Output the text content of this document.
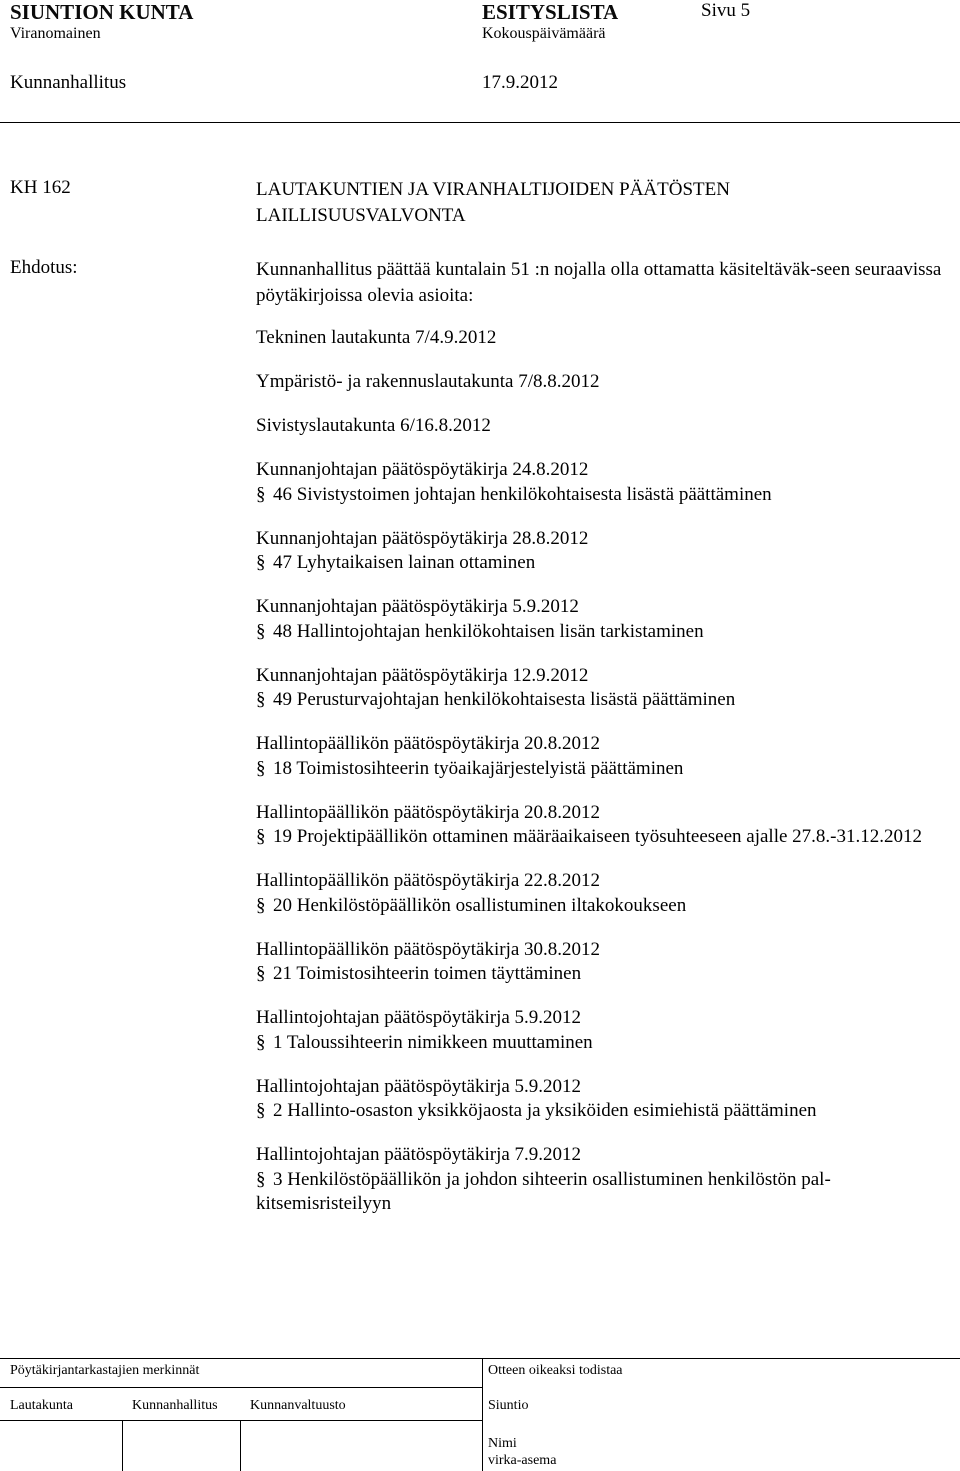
SIUNTION KUNTA	ESITYSLISTA	Sivu 5
Viranomainen	Kokouspäivämäärä
Kunnanhallitus	17.9.2012
KH 162	LAUTAKUNTIEN JA VIRANHALTIJOIDEN PÄÄTÖSTEN LAILLISUUSVALVONTA
Ehdotus:	Kunnanhallitus päättää kuntalain 51 :n nojalla olla ottamatta käsiteltäväk-seen seuraavissa pöytäkirjoissa olevia asioita:
Tekninen lautakunta 7/4.9.2012
Ympäristö- ja rakennuslautakunta 7/8.8.2012
Sivistyslautakunta 6/16.8.2012
Kunnanjohtajan päätöspöytäkirja 24.8.2012
§ 46 Sivistystoimen johtajan henkilökohtaisesta lisästä päättäminen
Kunnanjohtajan päätöspöytäkirja 28.8.2012
§ 47 Lyhytaikaisen lainan ottaminen
Kunnanjohtajan päätöspöytäkirja 5.9.2012
§ 48 Hallintojohtajan henkilökohtaisen lisän tarkistaminen
Kunnanjohtajan päätöspöytäkirja 12.9.2012
§ 49 Perusturvajohtajan henkilökohtaisesta lisästä päättäminen
Hallintopäällikön päätöspöytäkirja 20.8.2012
§ 18 Toimistosihteerin työaikajärjestelyistä päättäminen
Hallintopäällikön päätöspöytäkirja 20.8.2012
§ 19 Projektipäällikön ottaminen määräaikaiseen työsuhteeseen ajalle 27.8.-31.12.2012
Hallintopäällikön päätöspöytäkirja 22.8.2012
§ 20 Henkilöstöpäällikön osallistuminen iltakokoukseen
Hallintopäällikön päätöspöytäkirja 30.8.2012
§ 21 Toimistosihteerin toimen täyttäminen
Hallintojohtajan päätöspöytäkirja 5.9.2012
§ 1 Taloussihteerin nimikkeen muuttaminen
Hallintojohtajan päätöspöytäkirja 5.9.2012
§ 2 Hallinto-osaston yksikköjaosta ja yksiköiden esimiehistä päättäminen
Hallintojohtajan päätöspöytäkirja 7.9.2012
§ 3 Henkilöstöpäällikön ja johdon sihteerin osallistuminen henkilöstön pal-kitsemisristeilyyn
Pöytäkirjantarkastajien merkinnät	Otteen oikeaksi todistaa
Lautakunta	Kunnanhallitus Kunnanvaltuusto	Siuntio
Nimi
virka-asema
